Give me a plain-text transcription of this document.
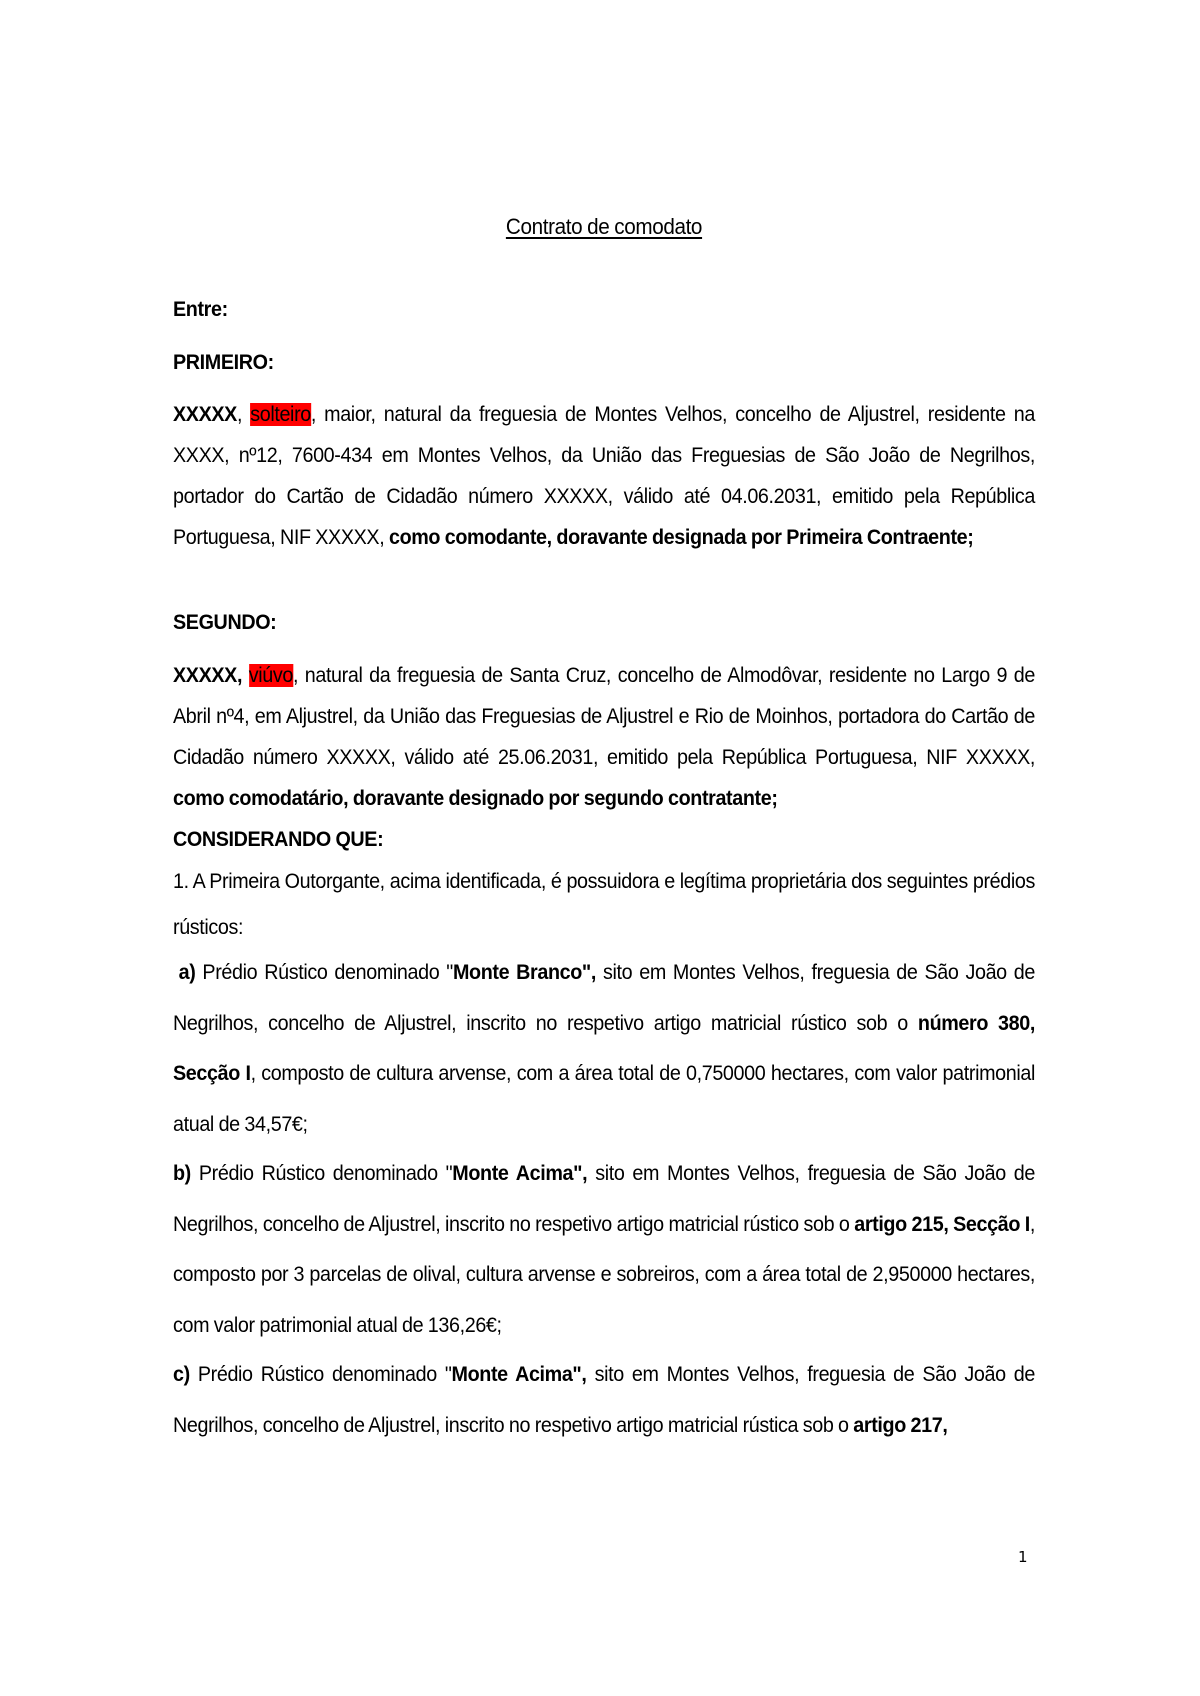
Contrato de comodato
Entre:
PRIMEIRO:

XXXXX, solteiro, maior, natural da freguesia de Montes Velhos, concelho de Aljustrel, residente na XXXX, nº12, 7600-434 em Montes Velhos, da União das Freguesias de São João de Negrilhos, portador do Cartão de Cidadão número XXXXX, válido até 04.06.2031, emitido pela República Portuguesa, NIF XXXXX, como comodante, doravante designada por Primeira Contraente;

SEGUNDO:

XXXXX, viúvo, natural da freguesia de Santa Cruz, concelho de Almodôvar, residente no Largo 9 de Abril nº4, em Aljustrel, da União das Freguesias de Aljustrel e Rio de Moinhos, portadora do Cartão de Cidadão número XXXXX, válido até 25.06.2031, emitido pela República Portuguesa, NIF XXXXX, como comodatário, doravante designado por segundo contratante;

CONSIDERANDO QUE:

1. A Primeira Outorgante, acima identificada, é possuidora e legítima proprietária dos seguintes prédios rústicos:

a) Prédio Rústico denominado "Monte Branco", sito em Montes Velhos, freguesia de São João de Negrilhos, concelho de Aljustrel, inscrito no respetivo artigo matricial rústico sob o número 380, Secção I, composto de cultura arvense, com a área total de 0,750000 hectares, com valor patrimonial atual de 34,57€;

b) Prédio Rústico denominado "Monte Acima", sito em Montes Velhos, freguesia de São João de Negrilhos, concelho de Aljustrel, inscrito no respetivo artigo matricial rústico sob o artigo 215, Secção I, composto por 3 parcelas de olival, cultura arvense e sobreiros, com a área total de 2,950000 hectares, com valor patrimonial atual de 136,26€;

c) Prédio Rústico denominado "Monte Acima", sito em Montes Velhos, freguesia de São João de Negrilhos, concelho de Aljustrel, inscrito no respetivo artigo matricial rústica sob o artigo 217,

1
